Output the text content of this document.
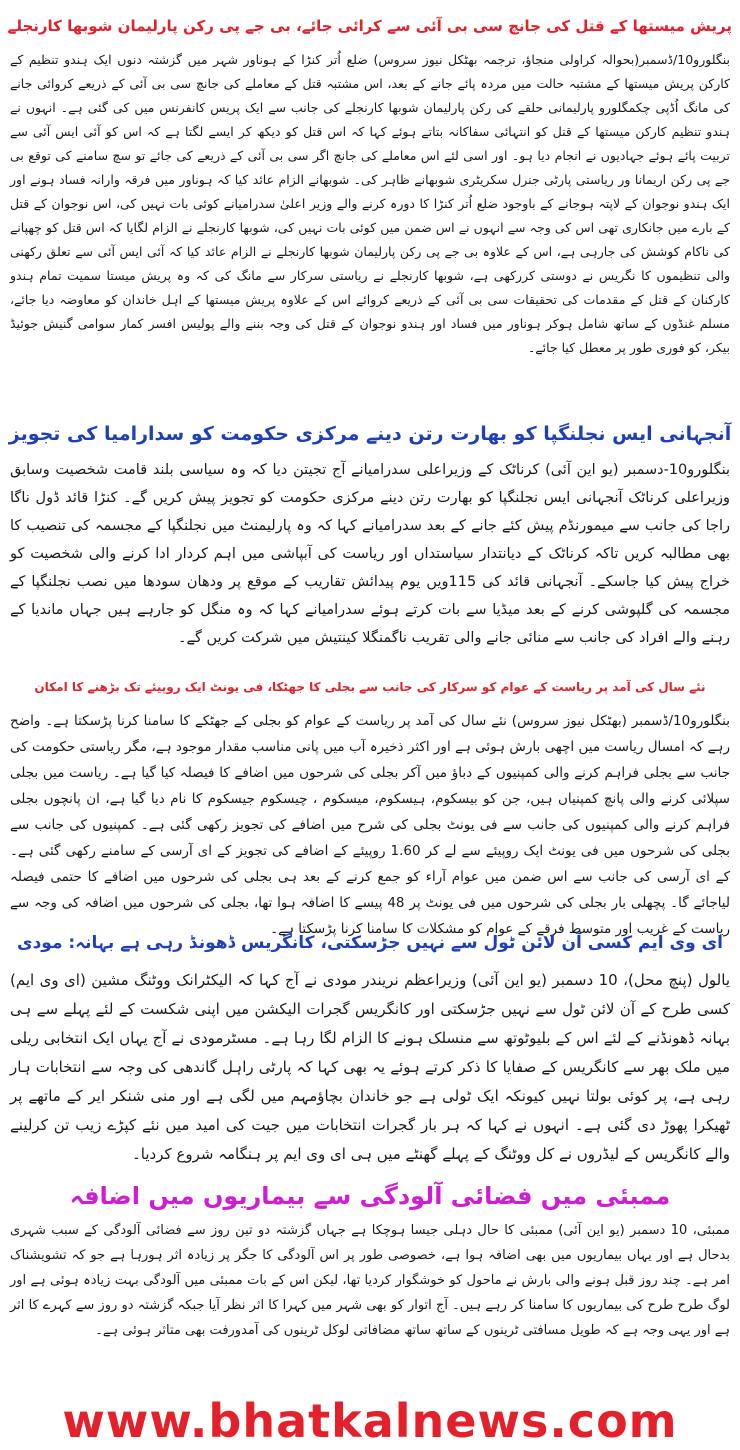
پریش میستھا کے قتل کی جانچ سی بی آئی سے کرائی جائے، بی جے پی رکن پارلیمان شوبھا کارنجلے

بنگلورو10/ڈسمبر(بحوالہ کراولی منجاؤ، ترجمہ بھٹکل نیوز سروس) ضلع اُتر کنڑا کے ہوناور شہر میں گزشتہ دنوں ایک ہندو تنظیم کے کارکن پریش میستھا کے مشتبہ حالت میں مردہ پائے جانے کے بعد، اس مشتبہ قتل کے معاملے کی جانچ سی بی آئی کے ذریعے کروائی جانے کی مانگ اُڈپی چکمگلورو پارلیمانی حلقے کی رکن پارلیمان شوبھا کارنجلے کی جانب سے ایک پریس کانفرنس میں کی گئی ہے۔ انہوں نے ہندو تنظیم کارکن میستھا کے قتل کو انتہائی سفاکانہ بتاتے ہوئے کہا کہ اس قتل کو دیکھ کر ایسے لگتا ہے کہ اس کو آئی ایس آئی سے تربیت پائے ہوئے جہادیوں نے انجام دیا ہو۔ اور اسی لئے اس معاملے کی جانچ اگر سی بی آئی کے ذریعے کی جائے تو سچ سامنے کی توقع بی جے پی رکن اریمانا ور ریاستی پارٹی جنرل سکریٹری شوبھانے ظاہر کی۔ شوبھانے الزام عائد کیا کہ ہوناور میں فرقہ وارانہ فساد ہونے اور ایک ہندو نوجوان کے لاپتہ ہوجانے کے باوجود ضلع اُتر کنڑا کا دورہ کرنے والے وزیر اعلیٰ سدرامیانے کوئی بات نہیں کی، اس نوجوان کے قتل کے بارے میں جانکاری تھی اس کی وجہ سے انہوں نے اس ضمن میں کوئی بات نہیں کی، شوبھا کارنجلے نے الزام لگایا کہ اس قتل کو چھپانے کی ناکام کوشش کی جارہی ہے، اس کے علاوہ بی جے پی رکن پارلیمان شوبھا کارنجلے نے الزام عائد کیا کہ آئی ایس آئی سے تعلق رکھنی والی تنظیموں کا نگریس نے دوستی کررکھی ہے، شوبھا کارنجلے نے ریاستی سرکار سے مانگ کی کہ وہ پریش میستا سمیت تمام ہندو کارکنان کے قتل کے مقدمات کی تحقیقات سی بی آئی کے ذریعے کروائے اس کے علاوہ پریش میستھا کے اہل خاندان کو معاوضہ دیا جائے، مسلم غنڈوں کے ساتھ شامل ہوکر ہوناور میں فساد اور ہندو نوجوان کے قتل کی وجہ بننے والے پولیس افسر کمار سوامی گنیش جوئیڈ بیکر، کو فوری طور پر معطل کیا جائے۔

آنجہانی ایس نجلنگپا کو بھارت رتن دینے مرکزی حکومت کو سدارامیا کی تجویز

بنگلورو10-دسمبر (یو این آئی) کرناٹک کے وزیراعلی سدرامیانے آج تجیتن دیا کہ وہ سیاسی بلند قامت شخصیت وسابق وزیراعلی کرناٹک آنجہانی ایس نجلنگپا کو بھارت رتن دینے مرکزی حکومت کو تجویز پیش کریں گے۔ کنڑا قائد ڈول ناگا راجا کی جانب سے میمورنڈم پیش کئے جانے کے بعد سدرامیانے کہا کہ وہ پارلیمنٹ میں نجلنگپا کے مجسمہ کی تنصیب کا بھی مطالبہ کریں تاکہ کرناٹک کے دیانتدار سیاستداں اور ریاست کی آبپاشی میں اہم کردار ادا کرنے والی شخصیت کو خراج پیش کیا جاسکے۔ آنجہانی قائد کی 115ویں یوم پیدائش تقاریب کے موقع پر ودھان سودھا میں نصب نجلنگپا کے مجسمہ کی گلپوشی کرنے کے بعد میڈیا سے بات کرتے ہوئے سدرامیانے کہا کہ وہ منگل کو جارہے ہیں جہاں ماندیا کے رہنے والے افراد کی جانب سے منائی جانے والی تقریب ناگمنگلا کینتیش میں شرکت کریں گے۔

نئے سال کی آمد پر ریاست کے عوام کو سرکار کی جانب سے بجلی کا جھٹکا، فی یونٹ ایک روپیئے تک بڑھنے کا امکان

بنگلورو10/ڈسمبر (بھٹکل نیوز سروس) نئے سال کی آمد پر ریاست کے عوام کو بجلی کے جھٹکے کا سامنا کرنا پڑسکتا ہے۔ واضح رہے کہ امسال ریاست میں اچھی بارش ہوئی ہے اور اکثر ذخیرہ آب میں پانی مناسب مقدار موجود ہے، مگر ریاستی حکومت کی جانب سے بجلی فراہم کرنے والی کمپنیوں کے دباؤ میں آکر بجلی کی شرحوں میں اضافے کا فیصلہ کیا گیا ہے۔ ریاست میں بجلی سپلائی کرنے والی پانچ کمپنیاں ہیں، جن کو بیسکوم، ہیسکوم، میسکوم ، چیسکوم جیسکوم کا نام دیا گیا ہے، ان پانچوں بجلی فراہم کرنے والی کمپنیوں کی جانب سے فی یونٹ بجلی کی شرح میں اضافے کی تجویز رکھی گئی ہے۔ کمپنیوں کی جانب سے بجلی کی شرحوں میں فی یونٹ ایک روپیئے سے لے کر 1.60 روپیئے کے اضافے کی تجویز کے ای آرسی کے سامنے رکھی گئی ہے۔ کے ای آرسی کی جانب سے اس ضمن میں عوام آراء کو جمع کرنے کے بعد ہی بجلی کی شرحوں میں اضافے کا حتمی فیصلہ لیاجائے گا۔ پچھلی بار بجلی کی شرحوں میں فی یونٹ پر 48 پیسے کا اضافہ ہوا تھا، بجلی کی شرحوں میں اضافہ کی وجہ سے ریاست کے غریب اور متوسط فرقے کے عوام کو مشکلات کا سامنا کرنا پڑسکتا ہے۔

ای وی ایم کسی آن لائن ٹول سے نہیں جڑسکتی، کانگریس ڈھونڈ رہی ہے بہانہ: مودی

یالول (پنچ محل)، 10 دسمبر (یو این آئی) وزیراعظم نریندر مودی نے آج کہا کہ الیکٹرانک ووٹنگ مشین (ای وی ایم) کسی طرح کے آن لائن ٹول سے نہیں جڑسکتی اور کانگریس گجرات الیکشن میں اپنی شکست کے لئے پہلے سے ہی بہانہ ڈھونڈنے کے لئے اس کے بلیوٹوتھ سے منسلک ہونے کا الزام لگا رہا ہے۔ مسٹرمودی نے آج یہاں ایک انتخابی ریلی میں ملک بھر سے کانگریس کے صفایا کا ذکر کرتے ہوئے یہ بھی کہا کہ پارٹی راہل گاندھی کی وجہ سے انتخابات ہار رہی ہے، پر کوئی بولتا نہیں کیونکہ ایک ٹولی ہے جو خاندان بچاؤمہم میں لگی ہے اور منی شنکر ایر کے ماتھے پر ٹھیکرا پھوڑ دی گئی ہے۔ انہوں نے کہا کہ ہر بار گجرات انتخابات میں جیت کی امید میں نئے کپڑے زیب تن کرلینے والے کانگریس کے لیڈروں نے کل ووٹنگ کے پہلے گھنٹے میں ہی ای وی ایم پر ہنگامہ شروع کردیا۔

ممبئی میں فضائی آلودگی سے بیماریوں میں اضافہ

ممبئی، 10 دسمبر (یو این آئی) ممبئی کا حال دہلی جیسا ہوچکا ہے جہاں گزشتہ دو تین روز سے فضائی آلودگی کے سبب شہری بدحال ہے اور یہاں بیماریوں میں بھی اضافہ ہوا ہے، خصوصی طور پر اس آلودگی کا جگر پر زیادہ اثر ہورہا ہے جو کہ تشویشناک امر ہے۔ چند روز قبل ہونے والی بارش نے ماحول کو خوشگوار کردیا تھا، لیکن اس کے بات ممبئی میں آلودگی بہت زیادہ ہوئی ہے اور لوگ طرح طرح کی بیماریوں کا سامنا کر رہے ہیں۔ آج اتوار کو بھی شہر میں کہرا کا اثر نظر آیا جبکہ گزشتہ دو روز سے کہرے کا اثر ہے اور یہی وجہ ہے کہ طویل مسافتی ٹرینوں کے ساتھ ساتھ مضافاتی لوکل ٹرینوں کی آمدورفت بھی متاثر ہوئی ہے۔

www.bhatkalnews.com
